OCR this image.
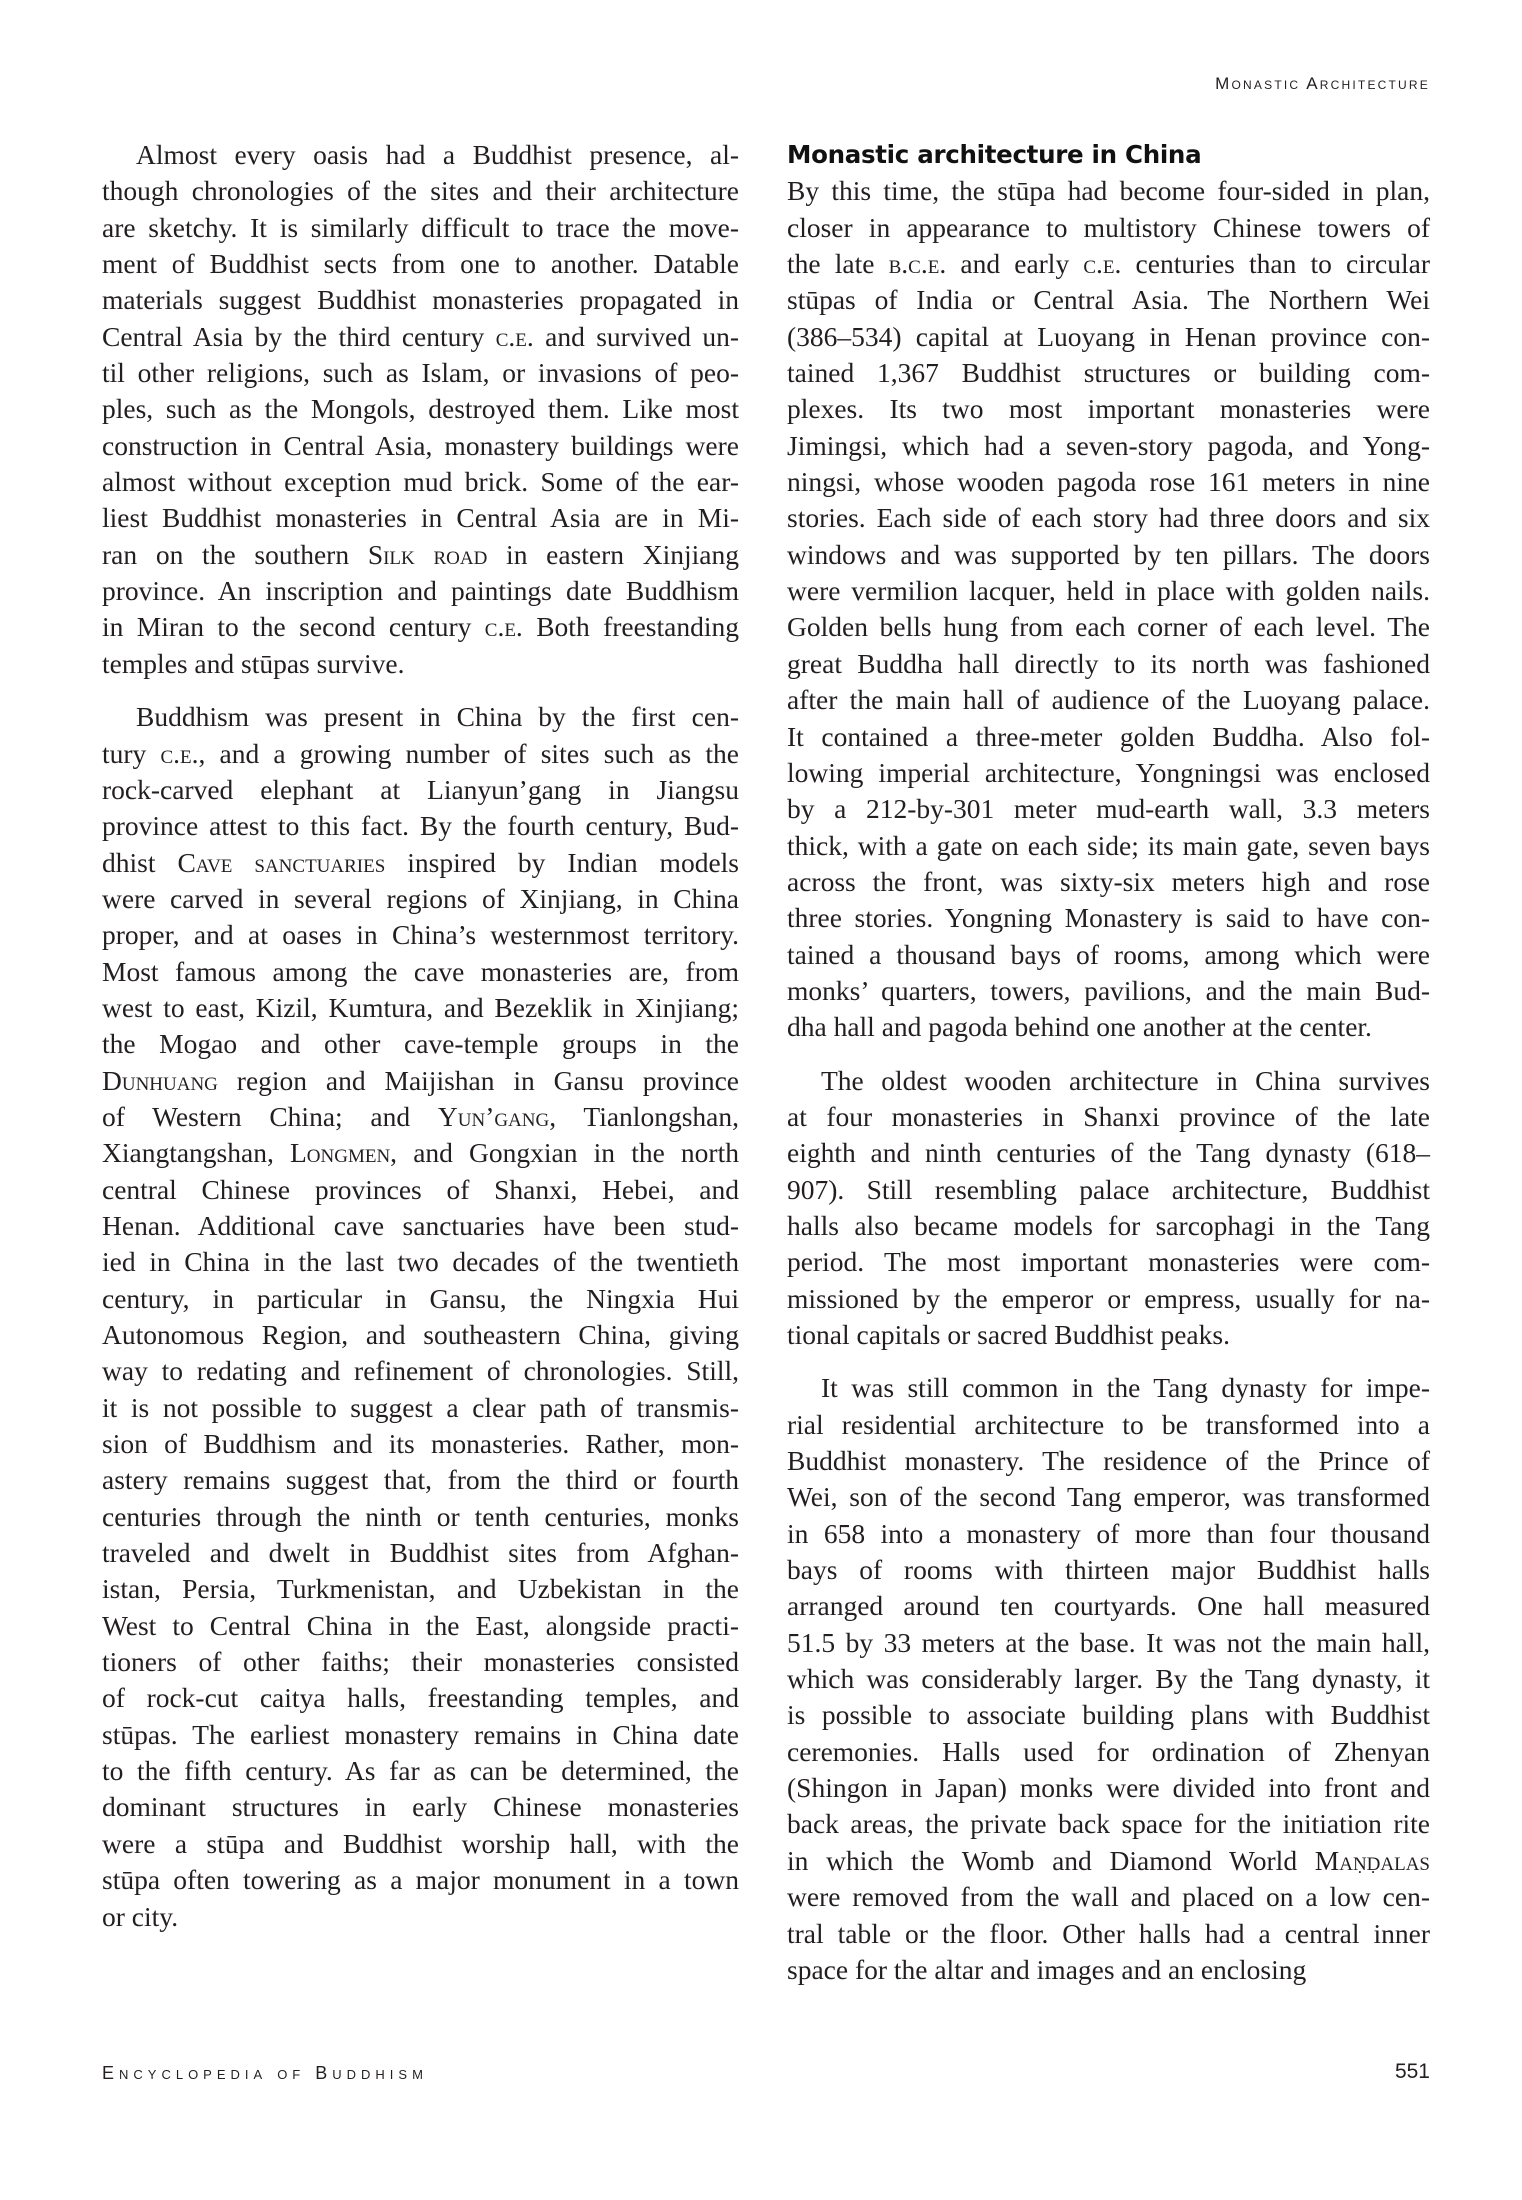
Monastic Architecture
Almost every oasis had a Buddhist presence, al-
though chronologies of the sites and their architecture
are sketchy. It is similarly difficult to trace the move-
ment of Buddhist sects from one to another. Datable
materials suggest Buddhist monasteries propagated in
Central Asia by the third century c.e. and survived un-
til other religions, such as Islam, or invasions of peo-
ples, such as the Mongols, destroyed them. Like most
construction in Central Asia, monastery buildings were
almost without exception mud brick. Some of the ear-
liest Buddhist monasteries in Central Asia are in Mi-
ran on the southern Silk road in eastern Xinjiang
province. An inscription and paintings date Buddhism
in Miran to the second century c.e. Both freestanding
temples and stūpas survive.
Buddhism was present in China by the first cen-
tury c.e., and a growing number of sites such as the
rock-carved elephant at Lianyun’gang in Jiangsu
province attest to this fact. By the fourth century, Bud-
dhist Cave sanctuaries inspired by Indian models
were carved in several regions of Xinjiang, in China
proper, and at oases in China’s westernmost territory.
Most famous among the cave monasteries are, from
west to east, Kizil, Kumtura, and Bezeklik in Xinjiang;
the Mogao and other cave-temple groups in the
Dunhuang region and Maijishan in Gansu province
of Western China; and Yun’gang, Tianlongshan,
Xiangtangshan, Longmen, and Gongxian in the north
central Chinese provinces of Shanxi, Hebei, and
Henan. Additional cave sanctuaries have been stud-
ied in China in the last two decades of the twentieth
century, in particular in Gansu, the Ningxia Hui
Autonomous Region, and southeastern China, giving
way to redating and refinement of chronologies. Still,
it is not possible to suggest a clear path of transmis-
sion of Buddhism and its monasteries. Rather, mon-
astery remains suggest that, from the third or fourth
centuries through the ninth or tenth centuries, monks
traveled and dwelt in Buddhist sites from Afghan-
istan, Persia, Turkmenistan, and Uzbekistan in the
West to Central China in the East, alongside practi-
tioners of other faiths; their monasteries consisted
of rock-cut caitya halls, freestanding temples, and
stūpas. The earliest monastery remains in China date
to the fifth century. As far as can be determined, the
dominant structures in early Chinese monasteries
were a stūpa and Buddhist worship hall, with the
stūpa often towering as a major monument in a town
or city.
Monastic architecture in China
By this time, the stūpa had become four-sided in plan,
closer in appearance to multistory Chinese towers of
the late b.c.e. and early c.e. centuries than to circular
stūpas of India or Central Asia. The Northern Wei
(386–534) capital at Luoyang in Henan province con-
tained 1,367 Buddhist structures or building com-
plexes. Its two most important monasteries were
Jimingsi, which had a seven-story pagoda, and Yong-
ningsi, whose wooden pagoda rose 161 meters in nine
stories. Each side of each story had three doors and six
windows and was supported by ten pillars. The doors
were vermilion lacquer, held in place with golden nails.
Golden bells hung from each corner of each level. The
great Buddha hall directly to its north was fashioned
after the main hall of audience of the Luoyang palace.
It contained a three-meter golden Buddha. Also fol-
lowing imperial architecture, Yongningsi was enclosed
by a 212-by-301 meter mud-earth wall, 3.3 meters
thick, with a gate on each side; its main gate, seven bays
across the front, was sixty-six meters high and rose
three stories. Yongning Monastery is said to have con-
tained a thousand bays of rooms, among which were
monks’ quarters, towers, pavilions, and the main Bud-
dha hall and pagoda behind one another at the center.
The oldest wooden architecture in China survives
at four monasteries in Shanxi province of the late
eighth and ninth centuries of the Tang dynasty (618–
907). Still resembling palace architecture, Buddhist
halls also became models for sarcophagi in the Tang
period. The most important monasteries were com-
missioned by the emperor or empress, usually for na-
tional capitals or sacred Buddhist peaks.
It was still common in the Tang dynasty for impe-
rial residential architecture to be transformed into a
Buddhist monastery. The residence of the Prince of
Wei, son of the second Tang emperor, was transformed
in 658 into a monastery of more than four thousand
bays of rooms with thirteen major Buddhist halls
arranged around ten courtyards. One hall measured
51.5 by 33 meters at the base. It was not the main hall,
which was considerably larger. By the Tang dynasty, it
is possible to associate building plans with Buddhist
ceremonies. Halls used for ordination of Zhenyan
(Shingon in Japan) monks were divided into front and
back areas, the private back space for the initiation rite
in which the Womb and Diamond World Maṇḍalas
were removed from the wall and placed on a low cen-
tral table or the floor. Other halls had a central inner
space for the altar and images and an enclosing
Encyclopedia of Buddhism	551
